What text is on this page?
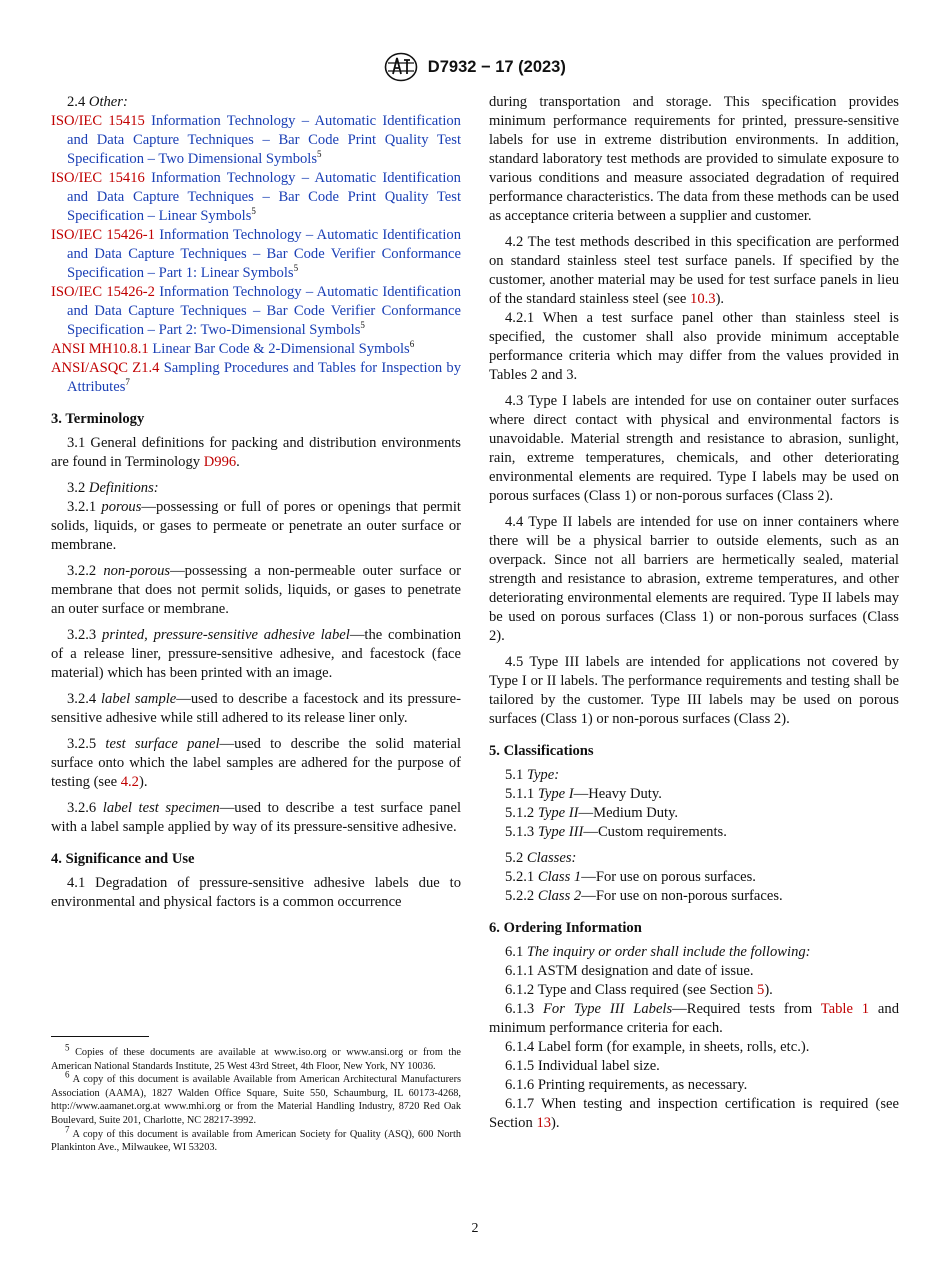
D7932 − 17 (2023)

2.4 Other:

ISO/IEC 15415 Information Technology – Automatic Identification and Data Capture Techniques – Bar Code Print Quality Test Specification – Two Dimensional Symbols$^5$

ISO/IEC 15416 Information Technology – Automatic Identification and Data Capture Techniques – Bar Code Print Quality Test Specification – Linear Symbols$^5$

ISO/IEC 15426-1 Information Technology – Automatic Identification and Data Capture Techniques – Bar Code Verifier Conformance Specification – Part 1: Linear Symbols$^5$

ISO/IEC 15426-2 Information Technology – Automatic Identification and Data Capture Techniques – Bar Code Verifier Conformance Specification – Part 2: Two-Dimensional Symbols$^5$

ANSI MH10.8.1 Linear Bar Code & 2-Dimensional Symbols$^6$

ANSI/ASQC Z1.4 Sampling Procedures and Tables for Inspection by Attributes$^7$

3. Terminology

3.1 General definitions for packing and distribution environments are found in Terminology D996.

3.2 Definitions:

3.2.1 porous—possessing or full of pores or openings that permit solids, liquids, or gases to permeate or penetrate an outer surface or membrane.

3.2.2 non-porous—possessing a non-permeable outer surface or membrane that does not permit solids, liquids, or gases to penetrate an outer surface or membrane.

3.2.3 printed, pressure-sensitive adhesive label—the combination of a release liner, pressure-sensitive adhesive, and facestock (face material) which has been printed with an image.

3.2.4 label sample—used to describe a facestock and its pressure-sensitive adhesive while still adhered to its release liner only.

3.2.5 test surface panel—used to describe the solid material surface onto which the label samples are adhered for the purpose of testing (see 4.2).

3.2.6 label test specimen—used to describe a test surface panel with a label sample applied by way of its pressure-sensitive adhesive.

4. Significance and Use

4.1 Degradation of pressure-sensitive adhesive labels due to environmental and physical factors is a common occurrence

during transportation and storage. This specification provides minimum performance requirements for printed, pressure-sensitive labels for use in extreme distribution environments. In addition, standard laboratory test methods are provided to simulate exposure to various conditions and measure associated degradation of required performance characteristics. The data from these methods can be used as acceptance criteria between a supplier and customer.

4.2 The test methods described in this specification are performed on standard stainless steel test surface panels. If specified by the customer, another material may be used for test surface panels in lieu of the standard stainless steel (see 10.3).

4.2.1 When a test surface panel other than stainless steel is specified, the customer shall also provide minimum acceptable performance criteria which may differ from the values provided in Tables 2 and 3.

4.3 Type I labels are intended for use on container outer surfaces where direct contact with physical and environmental factors is unavoidable. Material strength and resistance to abrasion, sunlight, rain, extreme temperatures, chemicals, and other deteriorating environmental elements are required. Type I labels may be used on porous surfaces (Class 1) or non-porous surfaces (Class 2).

4.4 Type II labels are intended for use on inner containers where there will be a physical barrier to outside elements, such as an overpack. Since not all barriers are hermetically sealed, material strength and resistance to abrasion, extreme temperatures, and other deteriorating environmental elements are required. Type II labels may be used on porous surfaces (Class 1) or non-porous surfaces (Class 2).

4.5 Type III labels are intended for applications not covered by Type I or II labels. The performance requirements and testing shall be tailored by the customer. Type III labels may be used on porous surfaces (Class 1) or non-porous surfaces (Class 2).

5. Classifications

5.1 Type:

5.1.1 Type I—Heavy Duty.

5.1.2 Type II—Medium Duty.

5.1.3 Type III—Custom requirements.

5.2 Classes:

5.2.1 Class 1—For use on porous surfaces.

5.2.2 Class 2—For use on non-porous surfaces.

6. Ordering Information

6.1 The inquiry or order shall include the following:

6.1.1 ASTM designation and date of issue.

6.1.2 Type and Class required (see Section 5).

6.1.3 For Type III Labels—Required tests from Table 1 and minimum performance criteria for each.

6.1.4 Label form (for example, in sheets, rolls, etc.).

6.1.5 Individual label size.

6.1.6 Printing requirements, as necessary.

6.1.7 When testing and inspection certification is required (see Section 13).

$^5$ Copies of these documents are available at www.iso.org or www.ansi.org or from the American National Standards Institute, 25 West 43rd Street, 4th Floor, New York, NY 10036.

$^6$ A copy of this document is available Available from American Architectural Manufacturers Association (AAMA), 1827 Walden Office Square, Suite 550, Schaumburg, IL 60173-4268, http://www.aamanet.org.at www.mhi.org or from the Material Handling Industry, 8720 Red Oak Boulevard, Suite 201, Charlotte, NC 28217-3992.

$^7$ A copy of this document is available from American Society for Quality (ASQ), 600 North Plankinton Ave., Milwaukee, WI 53203.

2
